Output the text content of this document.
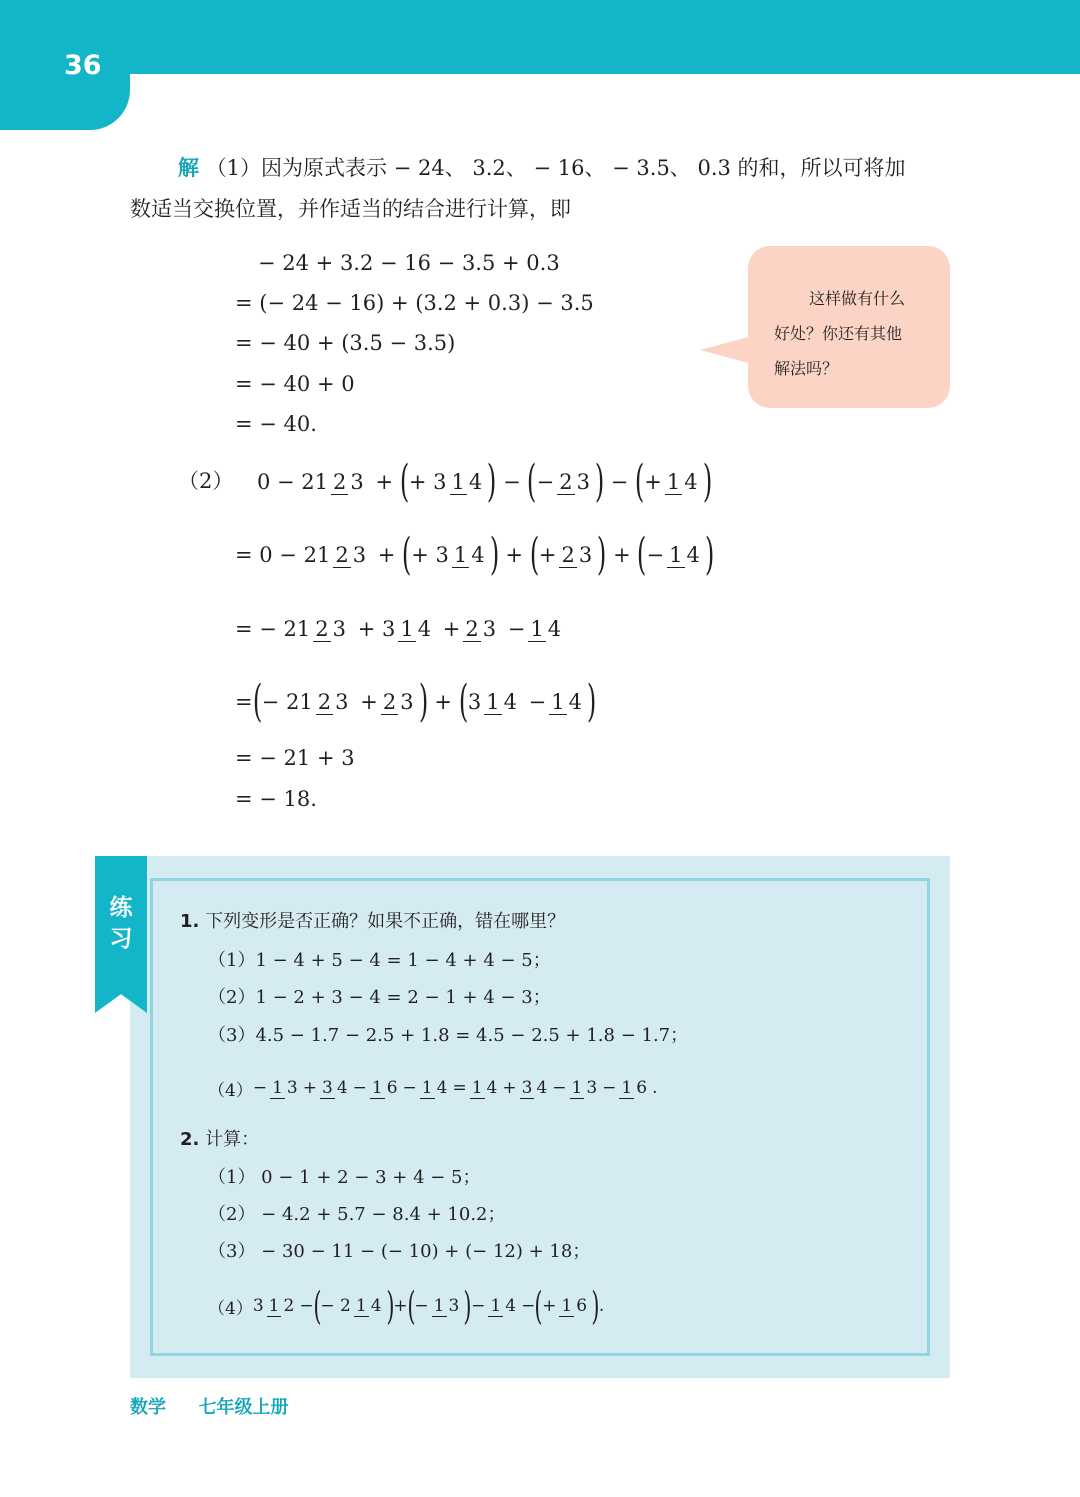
36
解 （1）因为原式表示 − 24、 3.2、 − 16、 − 3.5、 0.3 的和，所以可将加
数适当交换位置，并作适当的结合进行计算，即
− 24 + 3.2 − 16 − 3.5 + 0.3
= (− 24 − 16) + (3.2 + 0.3) − 3.5
= − 40 + (3.5 − 3.5)
= − 40 + 0
= − 40.
这样做有什么
好处？你还有其他
解法吗？
（2） 0 − 21 2 3 + ( + 3 1 4 ) − ( − 2 3 ) − ( + 1 4 )
= 0 − 21 2 3 + ( + 3 1 4 ) + ( + 2 3 ) + ( − 1 4 )
= − 21 2 3 + 3 1 4 + 2 3 − 1 4
= ( − 21 2 3 + 2 3 ) + ( 3 1 4 − 1 4 )
= − 21 + 3
= − 18.
练
习
1. 下列变形是否正确？如果不正确，错在哪里？
（1）1 − 4 + 5 − 4 = 1 − 4 + 4 − 5；
（2）1 − 2 + 3 − 4 = 2 − 1 + 4 − 3；
（3）4.5 − 1.7 − 2.5 + 1.8 = 4.5 − 2.5 + 1.8 − 1.7；
（4） − 1 3 + 3 4 − 1 6 − 1 4 = 1 4 + 3 4 − 1 3 − 1 6 .
2. 计算：
（1） 0 − 1 + 2 − 3 + 4 − 5；
（2） − 4.2 + 5.7 − 8.4 + 10.2；
（3） − 30 − 11 − (− 10) + (− 12) + 18；
（4） 3 1 2 − ( − 2 1 4 ) + ( − 1 3 ) − 1 4 − ( + 1 6 ) .
数学 七年级上册
